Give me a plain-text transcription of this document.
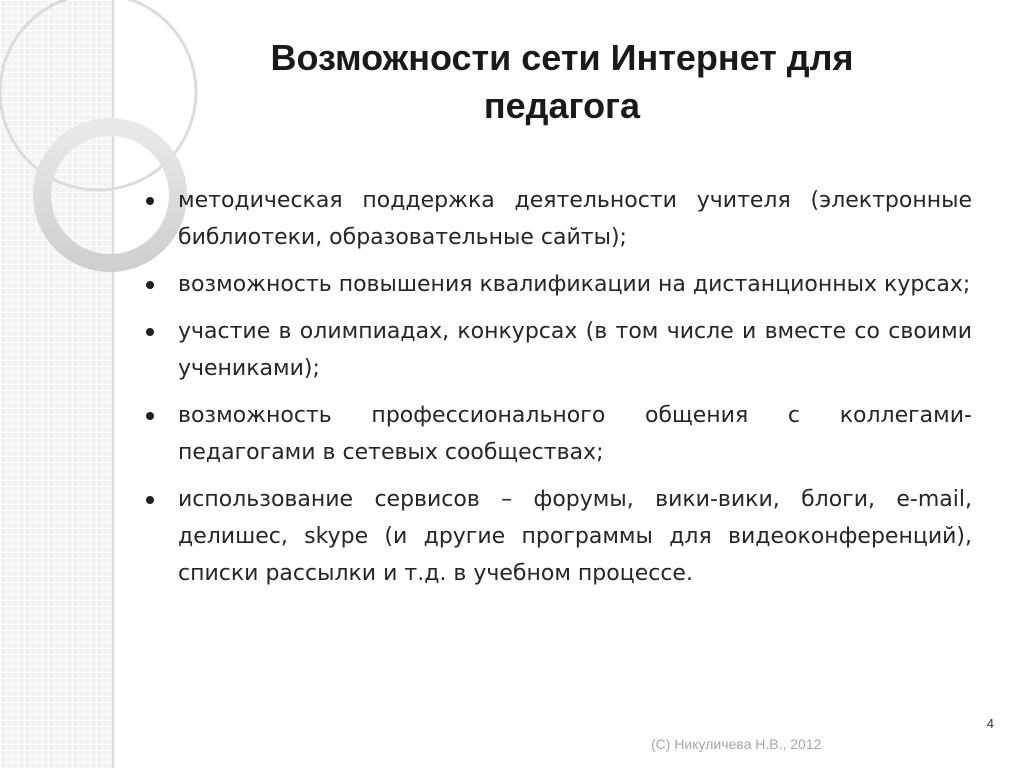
Возможности сети Интернет для
педагога
методическая поддержка деятельности учителя (электронные библиотеки, образовательные сайты);
возможность повышения квалификации на дистанционных курсах;
участие в олимпиадах, конкурсах (в том числе и вместе со своими учениками);
возможность профессионального общения с коллегами-педагогами в сетевых сообществах;
использование сервисов – форумы, вики-вики, блоги, e-mail, делишес, skype (и другие программы для видеоконференций), списки рассылки и т.д. в учебном процессе.
4
(С) Никуличева Н.В., 2012
